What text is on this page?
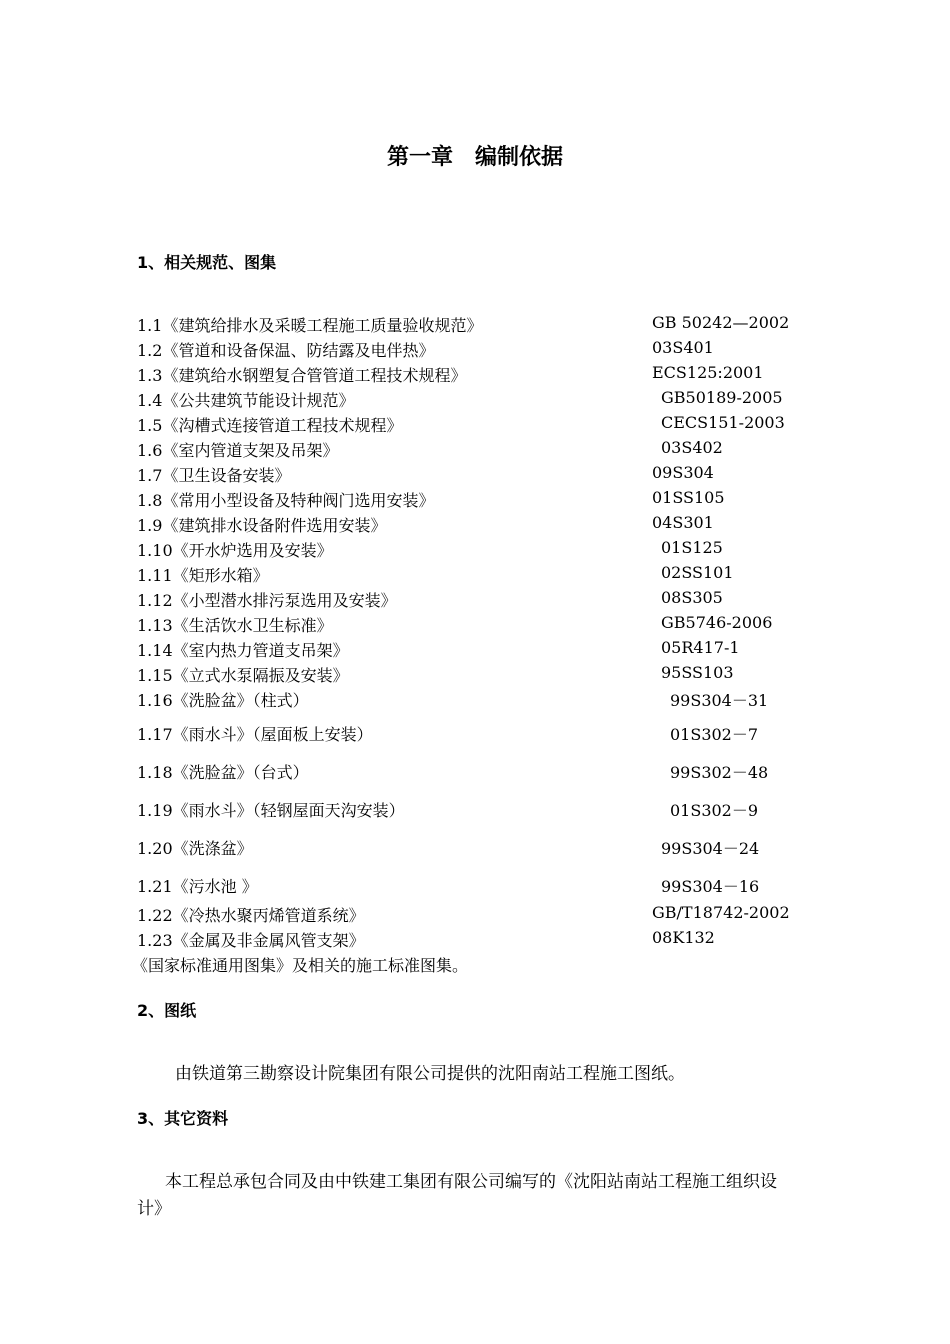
第一章　编制依据
1、相关规范、图集
1.1《建筑给排水及采暖工程施工质量验收规范》	GB 50242—2002
1.2《管道和设备保温、防结露及电伴热》	03S401
1.3《建筑给水钢塑复合管管道工程技术规程》	ECS125:2001
1.4《公共建筑节能设计规范》	GB50189-2005
1.5《沟槽式连接管道工程技术规程》	CECS151-2003
1.6《室内管道支架及吊架》	03S402
1.7《卫生设备安装》	09S304
1.8《常用小型设备及特种阀门选用安装》	01SS105
1.9《建筑排水设备附件选用安装》	04S301
1.10《开水炉选用及安装》	01S125
1.11《矩形水箱》	02SS101
1.12《小型潜水排污泵选用及安装》	08S305
1.13《生活饮水卫生标准》	GB5746-2006
1.14《室内热力管道支吊架》	05R417-1
1.15《立式水泵隔振及安装》	95SS103
1.16《洗脸盆》（柱式）	99S304－31
1.17《雨水斗》（屋面板上安装）	01S302－7
1.18《洗脸盆》（台式）	99S302－48
1.19《雨水斗》（轻钢屋面天沟安装）	01S302－9
1.20《洗涤盆》	99S304－24
1.21《污水池 》	99S304－16
1.22《冷热水聚丙烯管道系统》	GB/T18742-2002
1.23《金属及非金属风管支架》	08K132
《国家标准通用图集》及相关的施工标准图集。
2、图纸
由铁道第三勘察设计院集团有限公司提供的沈阳南站工程施工图纸。
3、其它资料
本工程总承包合同及由中铁建工集团有限公司编写的《沈阳站南站工程施工组织设
计》
